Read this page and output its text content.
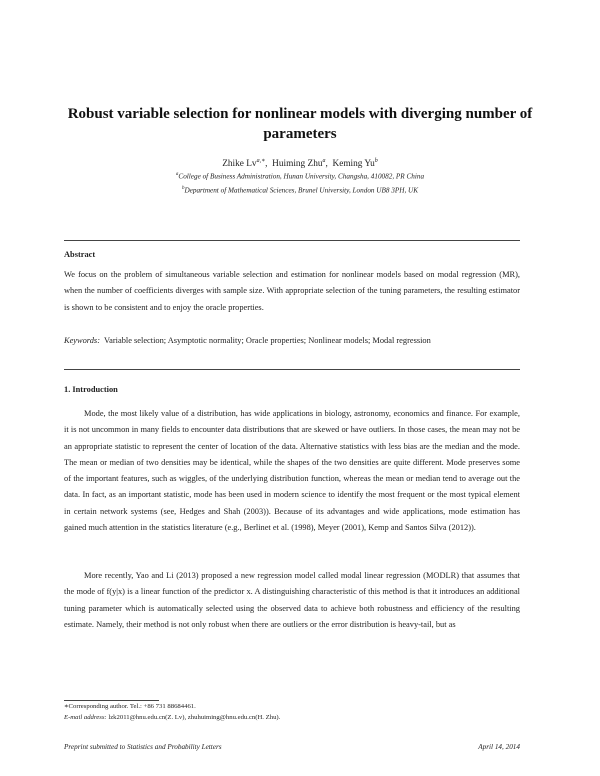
Robust variable selection for nonlinear models with diverging number of parameters
Zhike $Lv^{a,∗}$,  Huiming Zhu$^a$,  Keming Yu$^b$
$^a$College of Business Administration, Hunan University, Changsha, 410082, PR China
$^b$Department of Mathematical Sciences, Brunel University, London UB8 3PH, UK
Abstract
We focus on the problem of simultaneous variable selection and estimation for nonlinear models based on modal regression (MR), when the number of coefficients diverges with sample size. With appropriate selection of the tuning parameters, the resulting estimator is shown to be consistent and to enjoy the oracle properties.
Keywords: Variable selection; Asymptotic normality; Oracle properties; Nonlinear models; Modal regression
1. Introduction
Mode, the most likely value of a distribution, has wide applications in biology, astronomy, economics and finance. For example, it is not uncommon in many fields to encounter data distributions that are skewed or have outliers. In those cases, the mean may not be an appropriate statistic to represent the center of location of the data. Alternative statistics with less bias are the median and the mode. The mean or median of two densities may be identical, while the shapes of the two densities are quite different. Mode preserves some of the important features, such as wiggles, of the underlying distribution function, whereas the mean or median tend to average out the data. In fact, as an important statistic, mode has been used in modern science to identify the most frequent or the most typical element in certain network systems (see, Hedges and Shah (2003)). Because of its advantages and wide applications, mode estimation has gained much attention in the statistics literature (e.g., Berlinet et al. (1998), Meyer (2001), Kemp and Santos Silva (2012)).
More recently, Yao and Li (2013) proposed a new regression model called modal linear regression (MODLR) that assumes that the mode of f(y|x) is a linear function of the predictor x. A distinguishing characteristic of this method is that it introduces an additional tuning parameter which is automatically selected using the observed data to achieve both robustness and efficiency of the resulting estimate. Namely, their method is not only robust when there are outliers or the error distribution is heavy-tail, but as
∗Corresponding author. Tel.: +86 731 88684461.
E-mail address: lzk2011@hnu.edu.cn(Z. Lv), zhuhuiming@hnu.edu.cn(H. Zhu).
Preprint submitted to Statistics and Probability Letters	April 14, 2014
